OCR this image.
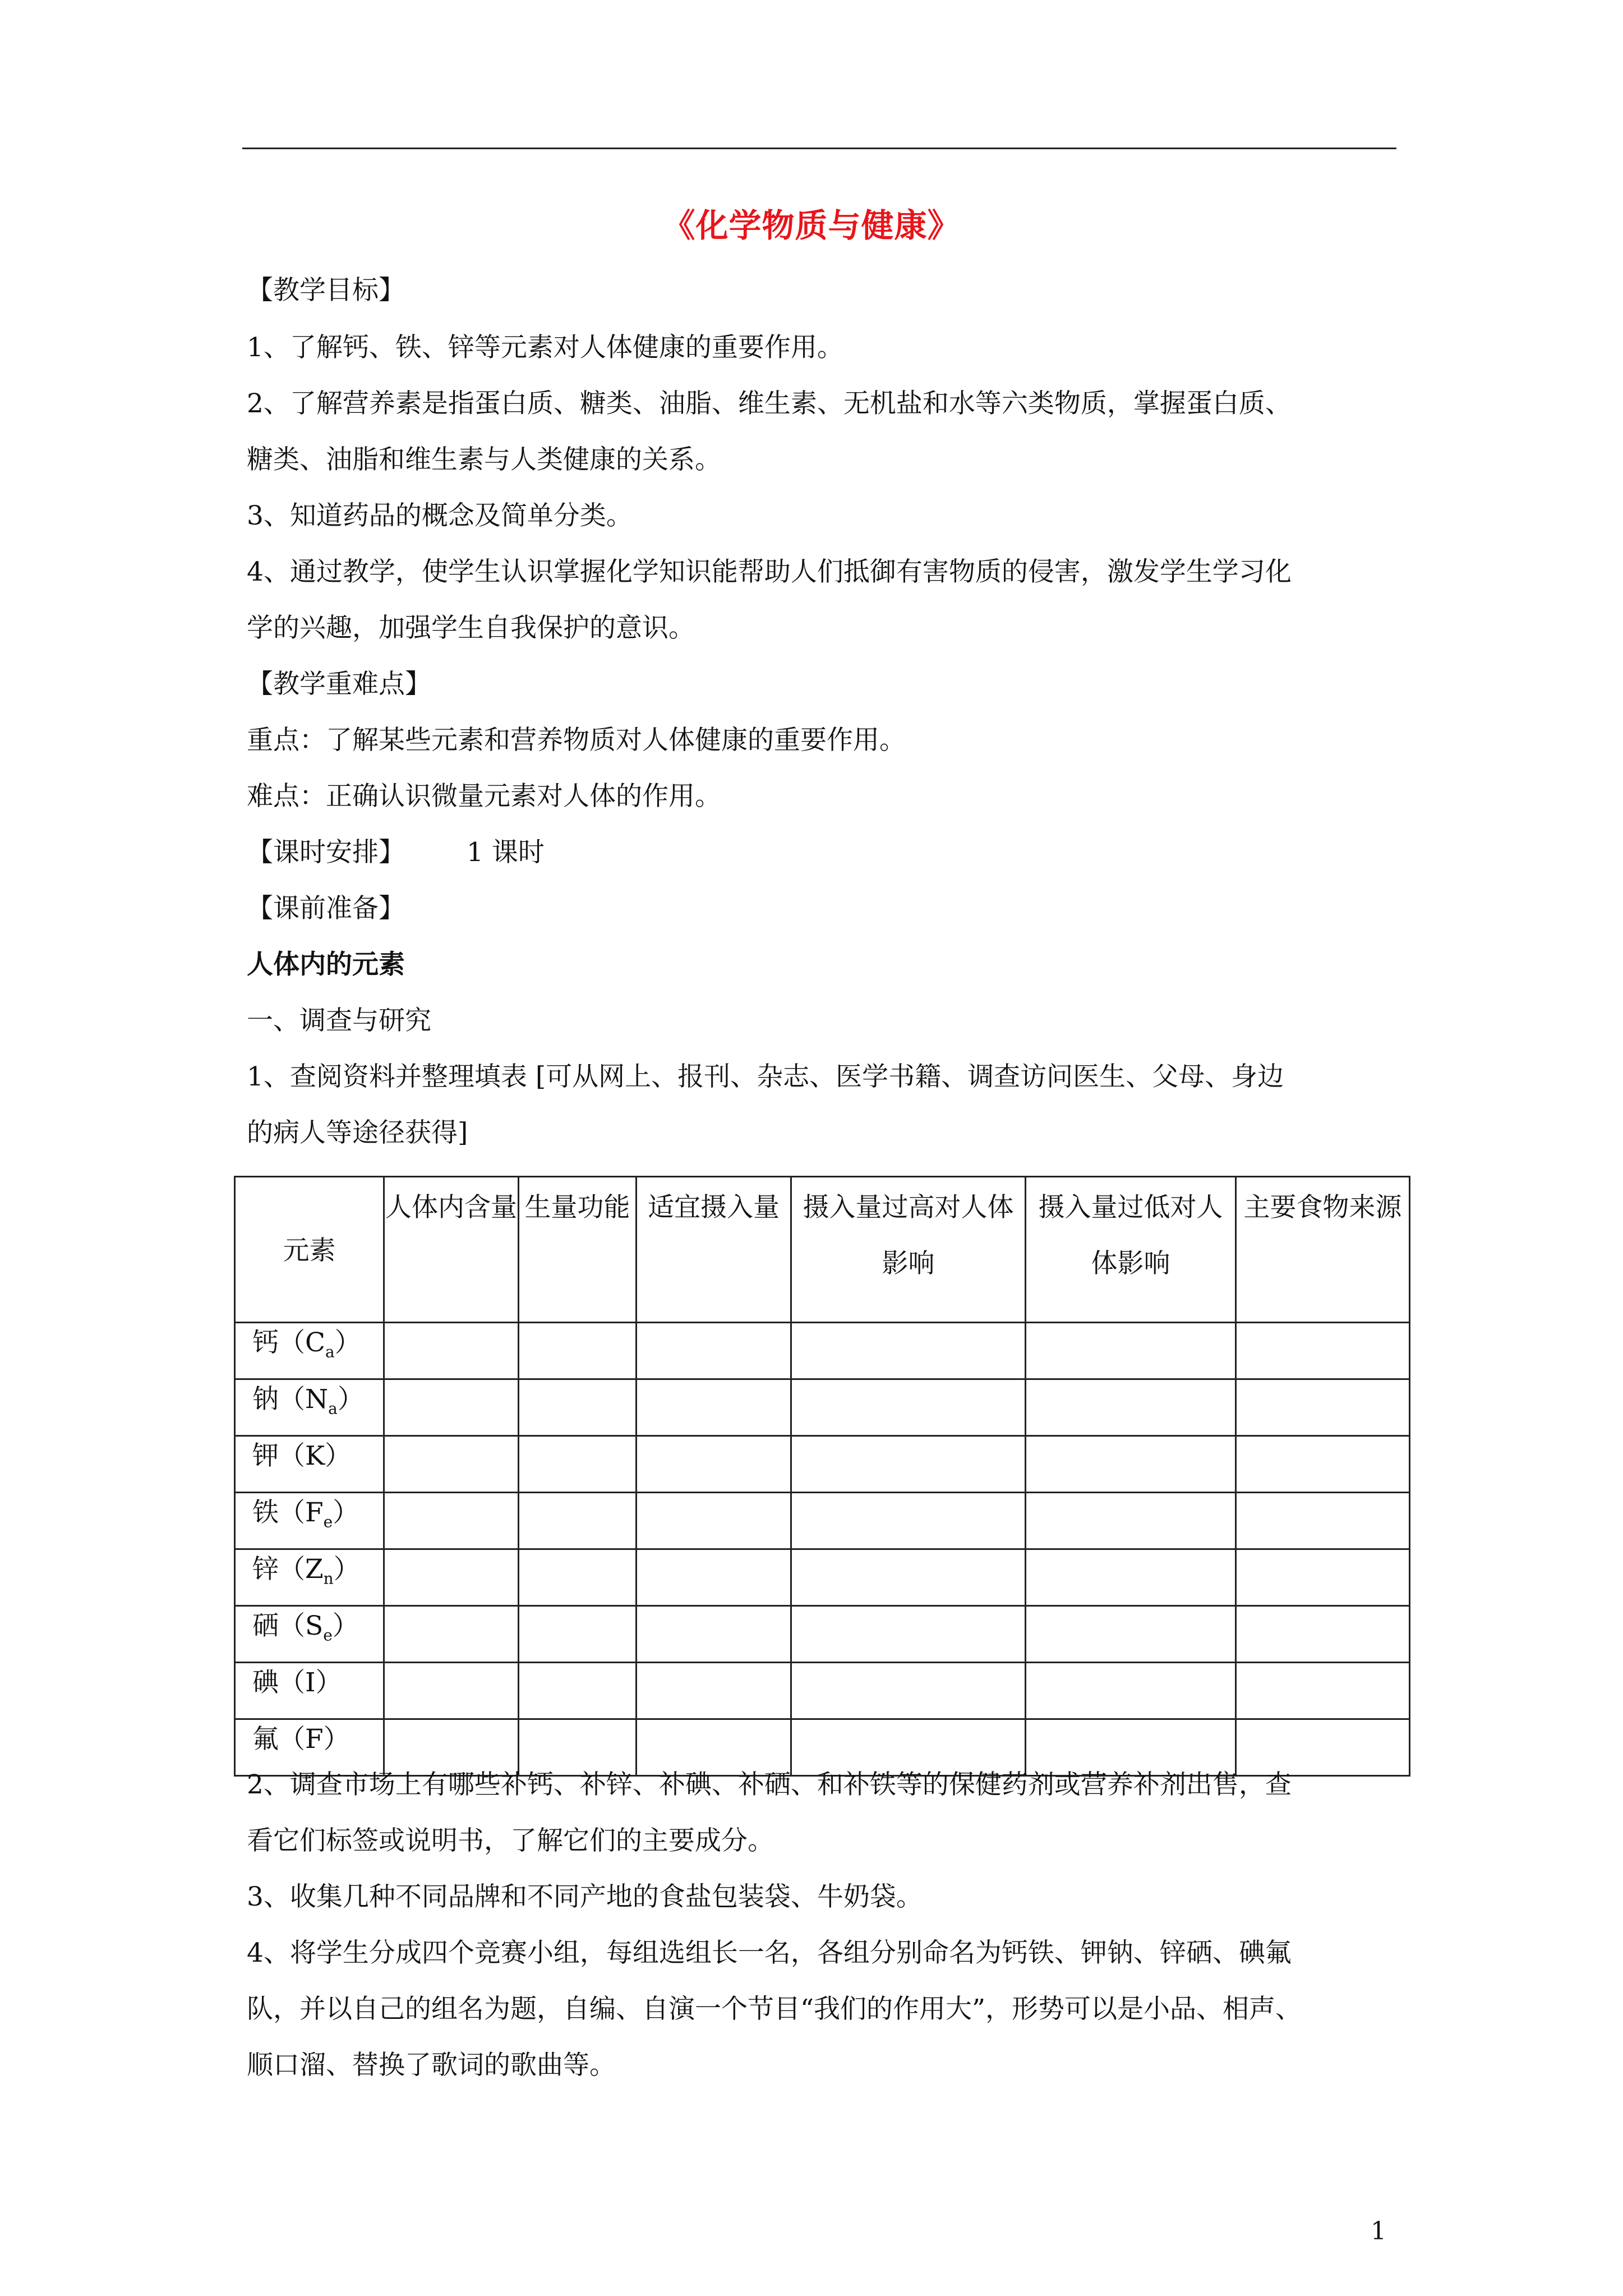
《化学物质与健康》
【教学目标】
1、了解钙、铁、锌等元素对人体健康的重要作用。
2、了解营养素是指蛋白质、糖类、油脂、维生素、无机盐和水等六类物质，掌握蛋白质、
糖类、油脂和维生素与人类健康的关系。
3、知道药品的概念及简单分类。
4、通过教学，使学生认识掌握化学知识能帮助人们抵御有害物质的侵害，激发学生学习化
学的兴趣，加强学生自我保护的意识。
【教学重难点】
重点：了解某些元素和营养物质对人体健康的重要作用。
难点：正确认识微量元素对人体的作用。
【课时安排】 1 课时
【课前准备】
人体内的元素
一、调查与研究
1、查阅资料并整理填表 [可从网上、报刊、杂志、医学书籍、调查访问医生、父母、身边
的病人等途径获得]
元素	人体内含量	生量功能	适宜摄入量	摄入量过高对人体影响	摄入量过低对人体影响	主要食物来源
钙$(C_a)$						
钠$(N_a)$						
钾（K）						
铁$(F_e)$						
锌$(Z_n)$						
硒$(S_e)$						
碘（I）						
氟（F）						
2、调查市场上有哪些补钙、补锌、补碘、补硒、和补铁等的保健药剂或营养补剂出售，查
看它们标签或说明书，了解它们的主要成分。
3、收集几种不同品牌和不同产地的食盐包装袋、牛奶袋。
4、将学生分成四个竞赛小组，每组选组长一名，各组分别命名为钙铁、钾钠、锌硒、碘氟
队，并以自己的组名为题，自编、自演一个节目“我们的作用大”，形势可以是小品、相声、
顺口溜、替换了歌词的歌曲等。
1
